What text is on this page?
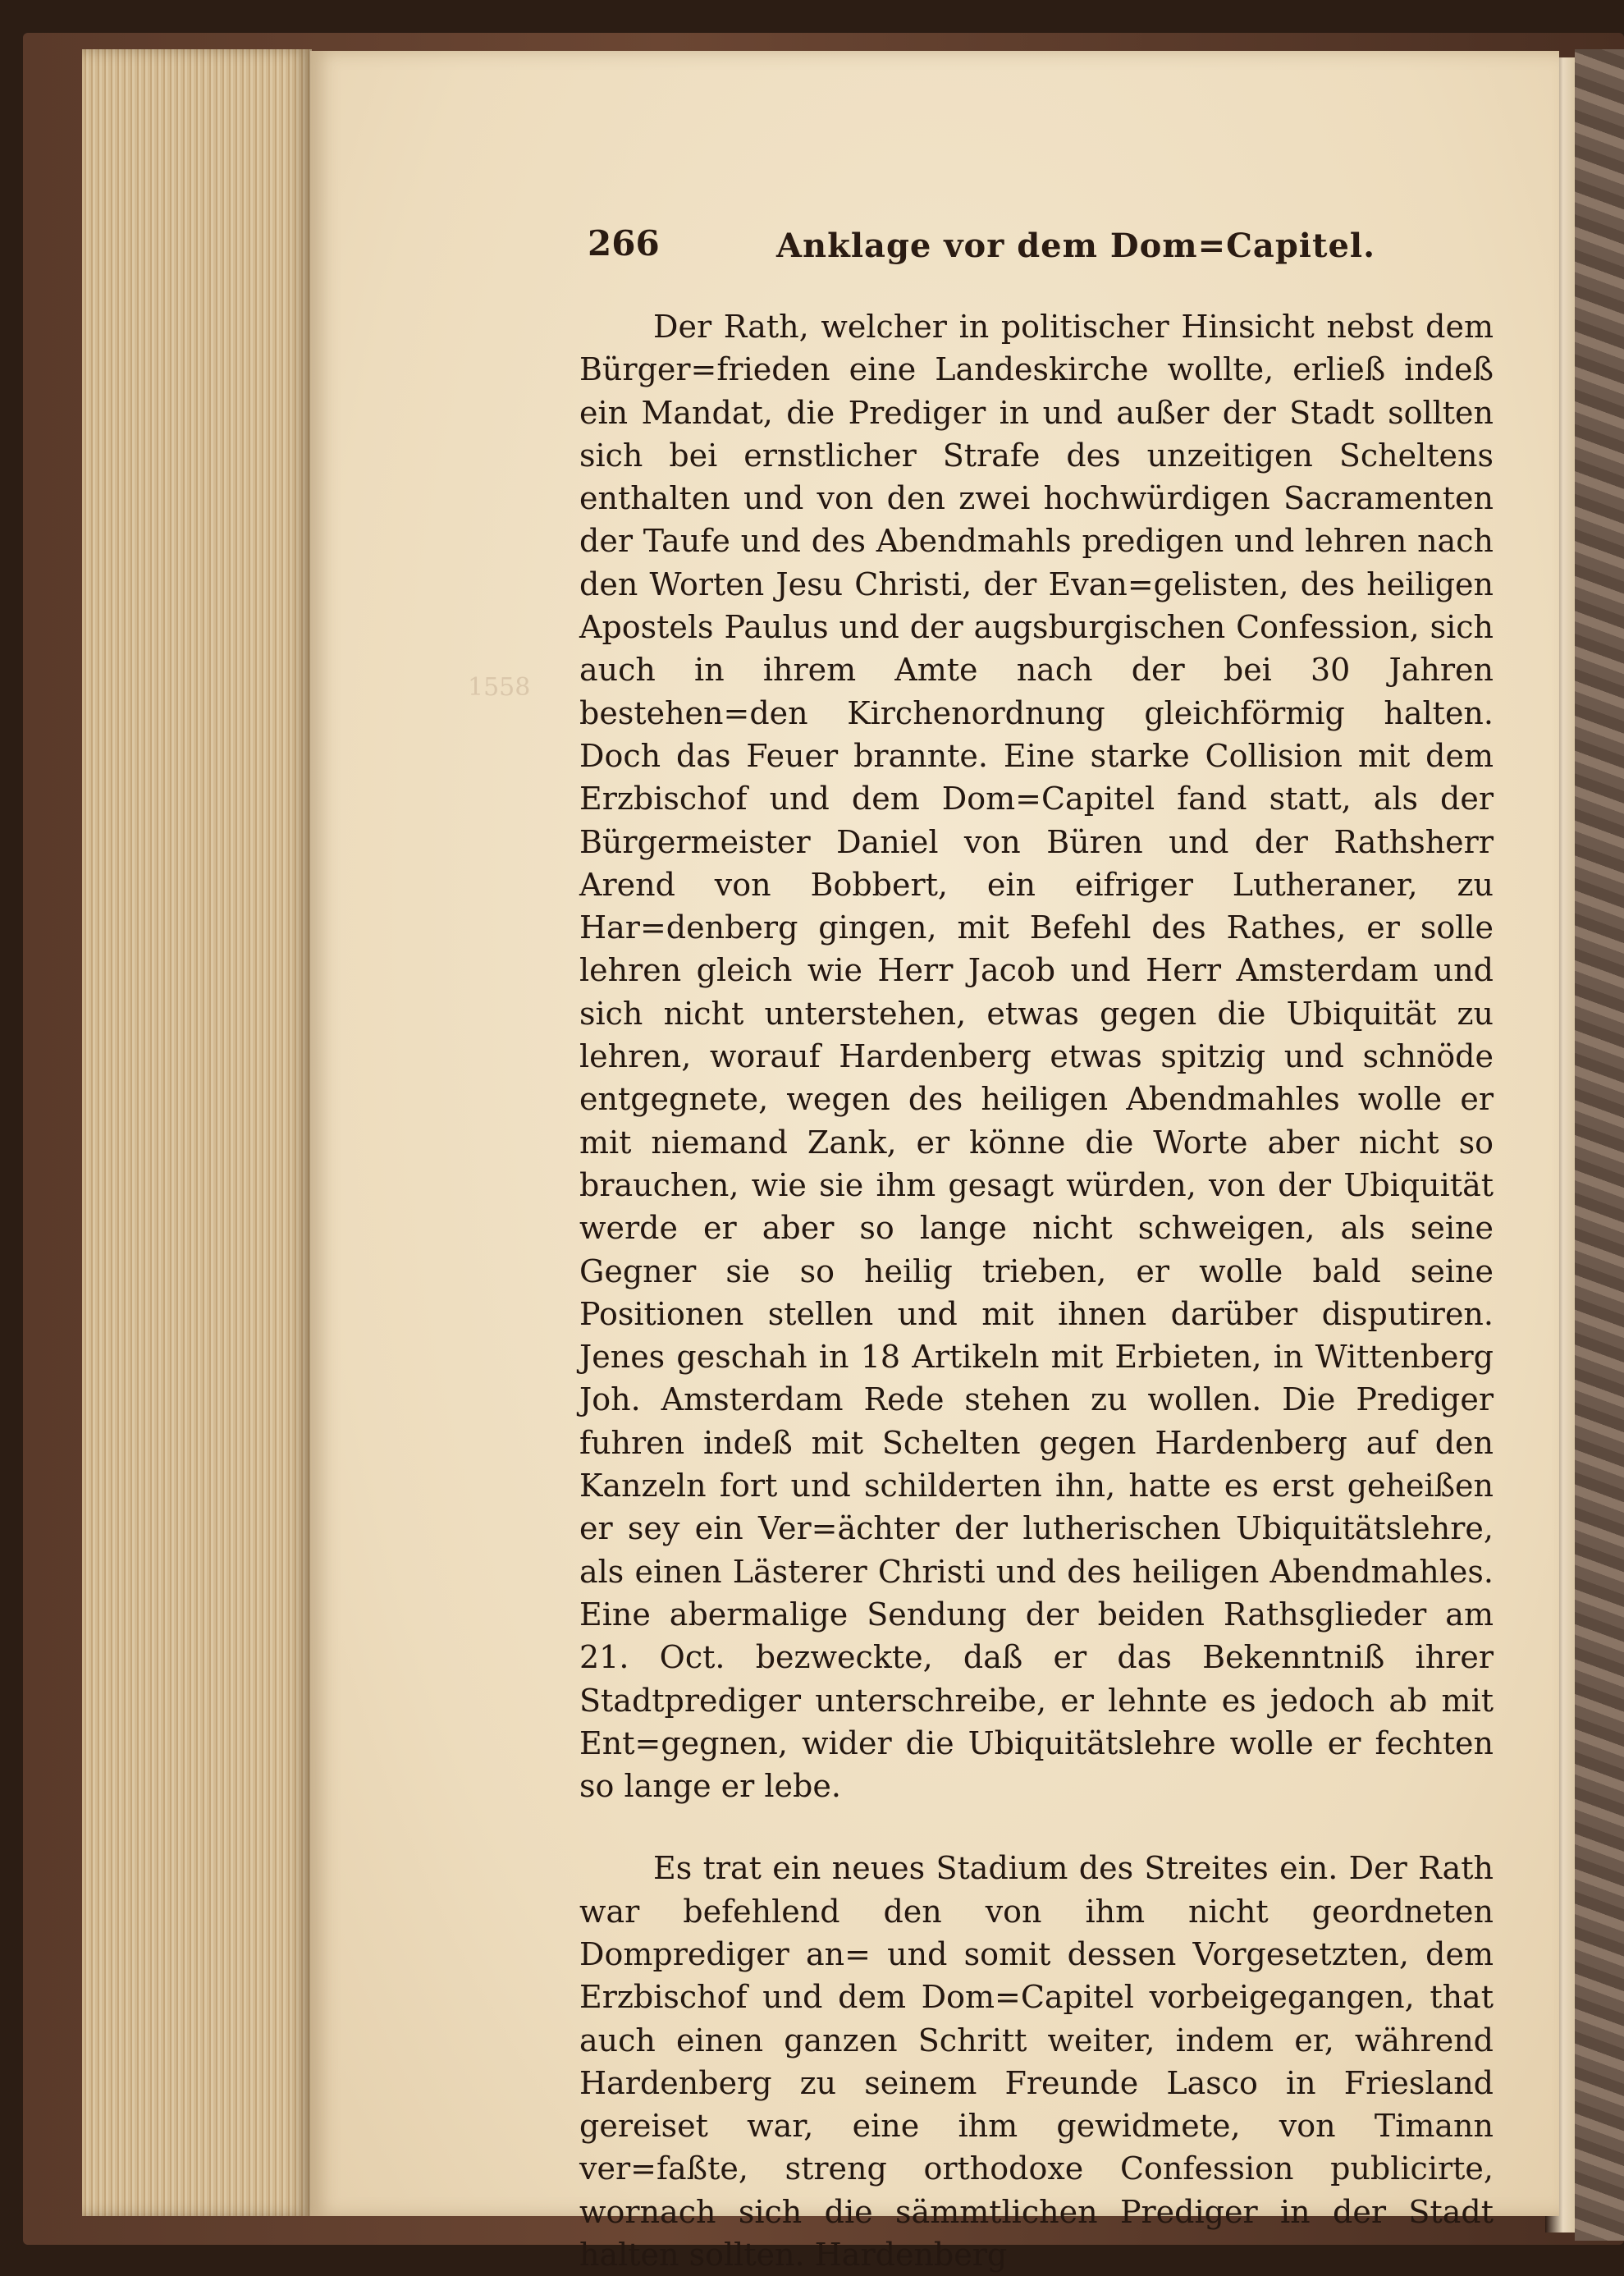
1558
266	Anklage vor dem Dom=Capitel.

Der Rath, welcher in politischer Hinsicht nebst dem Bürger=frieden eine Landeskirche wollte, erließ indeß ein Mandat, die Prediger in und außer der Stadt sollten sich bei ernstlicher Strafe des unzeitigen Scheltens enthalten und von den zwei hochwürdigen Sacramenten der Taufe und des Abendmahls predigen und lehren nach den Worten Jesu Christi, der Evan=gelisten, des heiligen Apostels Paulus und der augsburgischen Confession, sich auch in ihrem Amte nach der bei 30 Jahren bestehen=den Kirchenordnung gleichförmig halten. Doch das Feuer brannte. Eine starke Collision mit dem Erzbischof und dem Dom=Capitel fand statt, als der Bürgermeister Daniel von Büren und der Rathsherr Arend von Bobbert, ein eifriger Lutheraner, zu Har=denberg gingen, mit Befehl des Rathes, er solle lehren gleich wie Herr Jacob und Herr Amsterdam und sich nicht unterstehen, etwas gegen die Ubiquität zu lehren, worauf Hardenberg etwas spitzig und schnöde entgegnete, wegen des heiligen Abendmahles wolle er mit niemand Zank, er könne die Worte aber nicht so brauchen, wie sie ihm gesagt würden, von der Ubiquität werde er aber so lange nicht schweigen, als seine Gegner sie so heilig trieben, er wolle bald seine Positionen stellen und mit ihnen darüber disputiren. Jenes geschah in 18 Artikeln mit Erbieten, in Wittenberg Joh. Amsterdam Rede stehen zu wollen. Die Prediger fuhren indeß mit Schelten gegen Hardenberg auf den Kanzeln fort und schilderten ihn, hatte es erst geheißen er sey ein Ver=ächter der lutherischen Ubiquitätslehre, als einen Lästerer Christi und des heiligen Abendmahles. Eine abermalige Sendung der beiden Rathsglieder am 21. Oct. bezweckte, daß er das Bekenntniß ihrer Stadtprediger unterschreibe, er lehnte es jedoch ab mit Ent=gegnen, wider die Ubiquitätslehre wolle er fechten so lange er lebe.

Es trat ein neues Stadium des Streites ein. Der Rath war befehlend den von ihm nicht geordneten Domprediger an= und somit dessen Vorgesetzten, dem Erzbischof und dem Dom=Capitel vorbeigegangen, that auch einen ganzen Schritt weiter, indem er, während Hardenberg zu seinem Freunde Lasco in Friesland gereiset war, eine ihm gewidmete, von Timann ver=faßte, streng orthodoxe Confession publicirte, wornach sich die sämmtlichen Prediger in der Stadt halten sollten. Hardenberg
